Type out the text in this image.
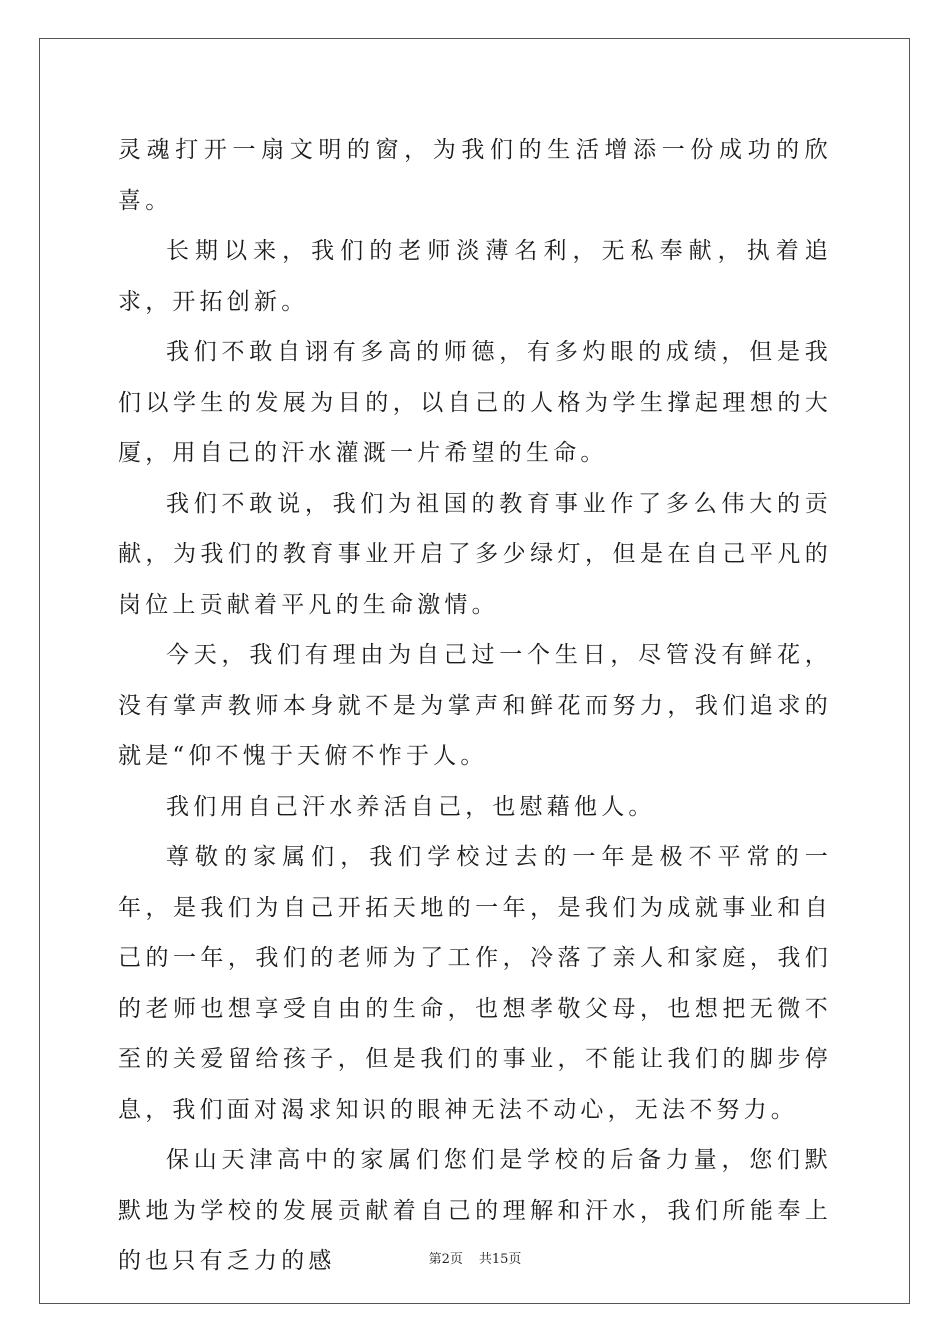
灵魂打开一扇文明的窗，为我们的生活增添一份成功的欣喜。

长期以来，我们的老师淡薄名利，无私奉献，执着追求，开拓创新。

我们不敢自诩有多高的师德，有多灼眼的成绩，但是我们以学生的发展为目的，以自己的人格为学生撑起理想的大厦，用自己的汗水灌溉一片希望的生命。

我们不敢说，我们为祖国的教育事业作了多么伟大的贡献，为我们的教育事业开启了多少绿灯，但是在自己平凡的岗位上贡献着平凡的生命激情。

今天，我们有理由为自己过一个生日，尽管没有鲜花，没有掌声教师本身就不是为掌声和鲜花而努力，我们追求的就是“仰不愧于天俯不怍于人。

我们用自己汗水养活自己，也慰藉他人。

尊敬的家属们，我们学校过去的一年是极不平常的一年，是我们为自己开拓天地的一年，是我们为成就事业和自己的一年，我们的老师为了工作，冷落了亲人和家庭，我们的老师也想享受自由的生命，也想孝敬父母，也想把无微不至的关爱留给孩子，但是我们的事业，不能让我们的脚步停息，我们面对渴求知识的眼神无法不动心，无法不努力。

保山天津高中的家属们您们是学校的后备力量，您们默默地为学校的发展贡献着自己的理解和汗水，我们所能奉上的也只有乏力的感	第2页 共15页
